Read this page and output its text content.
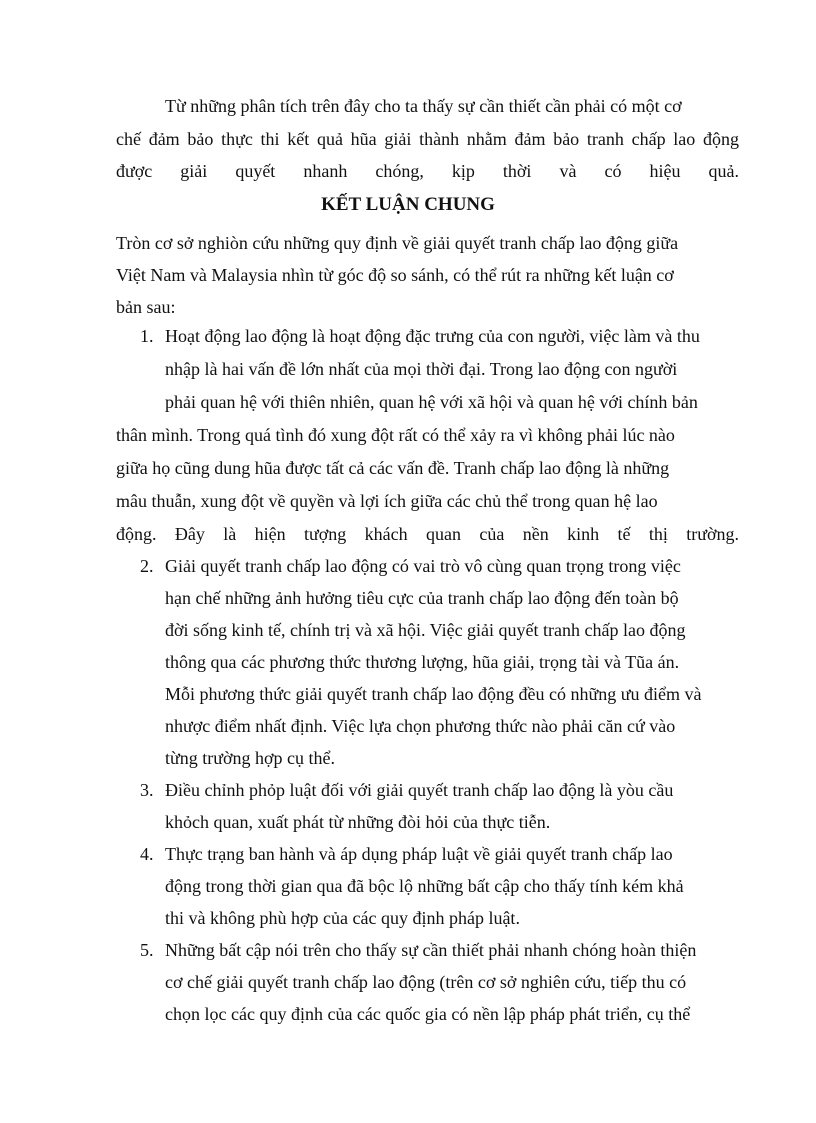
Từ những phân tích trên đây cho ta thấy sự cần thiết cần phải có một cơ
chế đảm bảo thực thi kết quả hũa giải thành nhằm đảm bảo tranh chấp lao động
được giải quyết nhanh chóng, kịp thời và có hiệu quả.
KẾT LUẬN CHUNG
Tròn cơ sở nghiòn cứu những quy định về giải quyết tranh chấp lao động giữa
Việt Nam và Malaysia nhìn từ góc độ so sánh, có thể rút ra những kết luận cơ
bản sau:
1. Hoạt động lao động là hoạt động đặc trưng của con người, việc làm và thu
nhập là hai vấn đề lớn nhất của mọi thời đại. Trong lao động con người
phải quan hệ với thiên nhiên, quan hệ với xã hội và quan hệ với chính bản
thân mình. Trong quá tình đó xung đột rất có thể xảy ra vì không phải lúc nào
giữa họ cũng dung hũa được tất cả các vấn đề. Tranh chấp lao động là những
mâu thuẫn, xung đột về quyền và lợi ích giữa các chủ thể trong quan hệ lao
động. Đây là hiện tượng khách quan của nền kinh tế thị trường.
2. Giải quyết tranh chấp lao động có vai trò vô cùng quan trọng trong việc
hạn chế những ảnh hưởng tiêu cực của tranh chấp lao động đến toàn bộ
đời sống kinh tế, chính trị và xã hội. Việc giải quyết tranh chấp lao động
thông qua các phương thức thương lượng, hũa giải, trọng tài và Tũa án.
Mỗi phương thức giải quyết tranh chấp lao động đều có những ưu điểm và
nhược điểm nhất định. Việc lựa chọn phương thức nào phải căn cứ vào
từng trường hợp cụ thể.
3. Điều chỉnh phỏp luật đối với giải quyết tranh chấp lao động là yòu cầu
khỏch quan, xuất phát từ những đòi hỏi của thực tiễn.
4. Thực trạng ban hành và áp dụng pháp luật về giải quyết tranh chấp lao
động trong thời gian qua đã bộc lộ những bất cập cho thấy tính kém khả
thi và không phù hợp của các quy định pháp luật.
5. Những bất cập nói trên cho thấy sự cần thiết phải nhanh chóng hoàn thiện
cơ chế giải quyết tranh chấp lao động (trên cơ sở nghiên cứu, tiếp thu có
chọn lọc các quy định của các quốc gia có nền lập pháp phát triển, cụ thể
